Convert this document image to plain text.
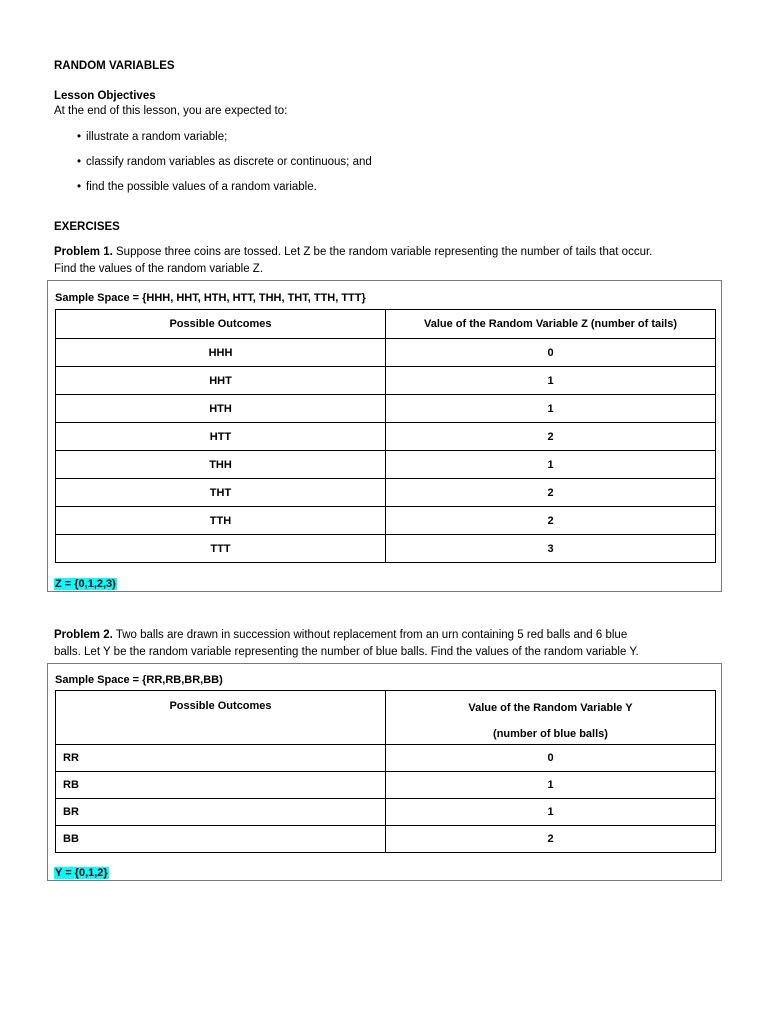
RANDOM VARIABLES
Lesson Objectives
At the end of this lesson, you are expected to:
• illustrate a random variable;
• classify random variables as discrete or continuous; and
• find the possible values of a random variable.
EXERCISES
Problem 1. Suppose three coins are tossed. Let Z be the random variable representing the number of tails that occur.
Find the values of the random variable Z.
Sample Space = {HHH, HHT, HTH, HTT, THH, THT, TTH, TTT}
Possible Outcomes	Value of the Random Variable Z (number of tails)
HHH	0
HHT	1
HTH	1
HTT	2
THH	1
THT	2
TTH	2
TTT	3
Z = {0,1,2,3)
Problem 2. Two balls are drawn in succession without replacement from an urn containing 5 red balls and 6 blue
balls. Let Y be the random variable representing the number of blue balls. Find the values of the random variable Y.
Sample Space = {RR,RB,BR,BB)
Possible Outcomes	Value of the Random Variable Y
(number of blue balls)

RR	0
RB	1
BR	1
BB	2
Y = {0,1,2}
